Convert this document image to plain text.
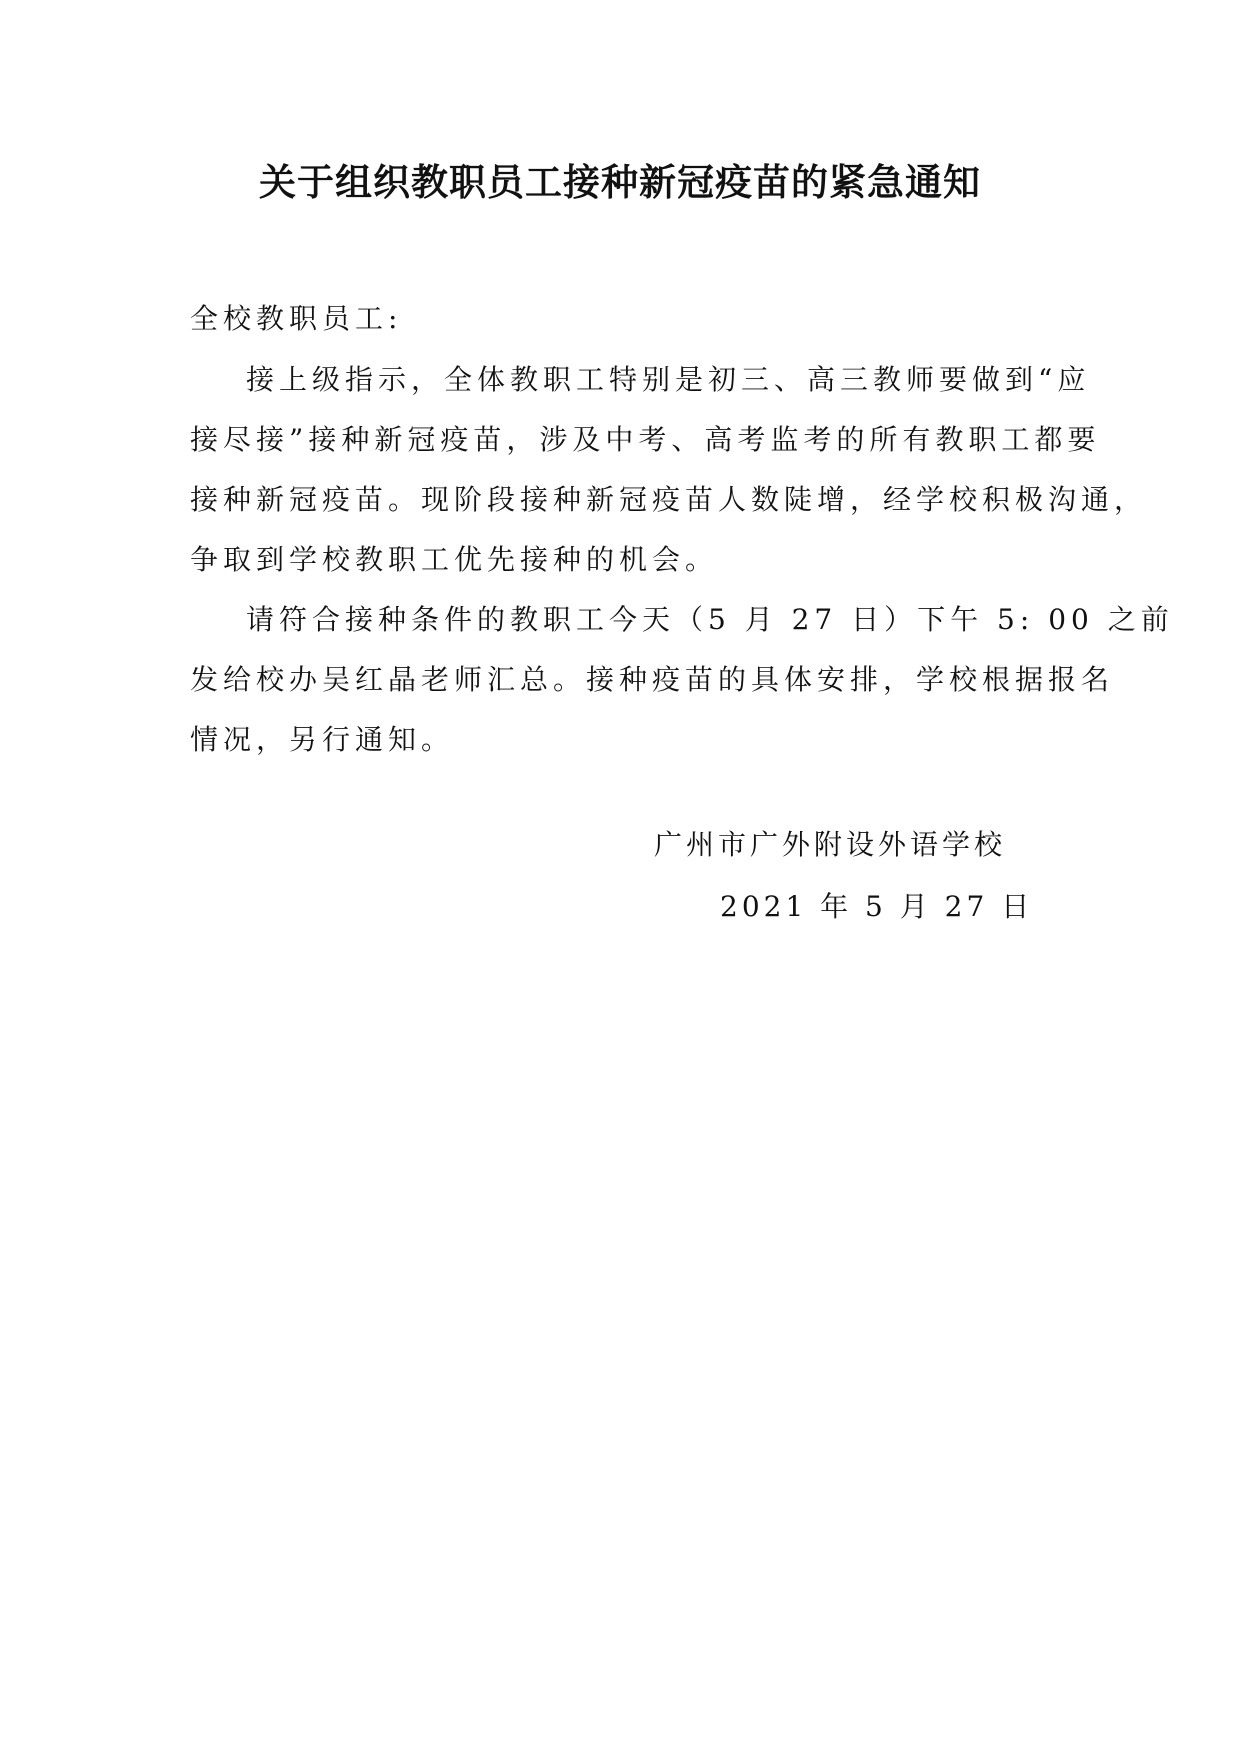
关于组织教职员工接种新冠疫苗的紧急通知
全校教职员工:
接上级指示，全体教职工特别是初三、高三教师要做到“应
接尽接”接种新冠疫苗，涉及中考、高考监考的所有教职工都要
接种新冠疫苗。现阶段接种新冠疫苗人数陡增，经学校积极沟通，
争取到学校教职工优先接种的机会。
请符合接种条件的教职工今天（5 月 27 日）下午 5: 00 之前
发给校办吴红晶老师汇总。接种疫苗的具体安排，学校根据报名
情况，另行通知。
广州市广外附设外语学校
2021 年 5 月 27 日
